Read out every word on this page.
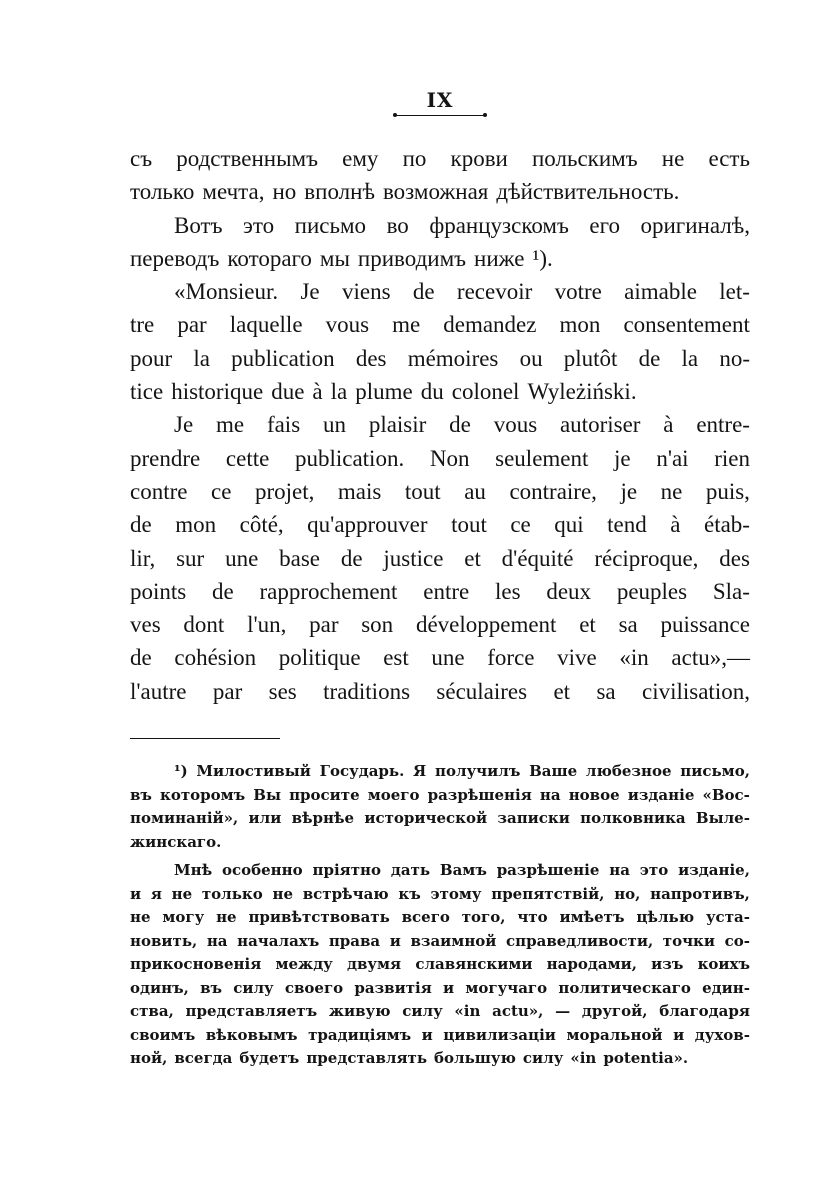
IX
съ родственнымъ ему по крови польскимъ не есть
только мечта, но вполнѣ возможная дѣйствительность.
Вотъ это письмо во французскомъ его оригиналѣ,
переводъ котораго мы приводимъ ниже ¹).
«Monsieur. Je viens de recevoir votre aimable let-
tre par laquelle vous me demandez mon consentement
pour la publication des mémoires ou plutôt de la no-
tice historique due à la plume du colonel Wyleżiński.
Je me fais un plaisir de vous autoriser à entre-
prendre cette publication. Non seulement je n'ai rien
contre ce projet, mais tout au contraire, je ne puis,
de mon côté, qu'approuver tout ce qui tend à étab-
lir, sur une base de justice et d'équité réciproque, des
points de rapprochement entre les deux peuples Sla-
ves dont l'un, par son développement et sa puissance
de cohésion politique est une force vive «in actu»,—
l'autre par ses traditions séculaires et sa civilisation,
¹) Милостивый Государь. Я получилъ Ваше любезное письмо,
въ которомъ Вы просите моего разрѣшенія на новое изданіе «Вос-
поминаній», или вѣрнѣе исторической записки полковника Выле-
жинскаго.
Мнѣ особенно пріятно дать Вамъ разрѣшеніе на это изданіе,
и я не только не встрѣчаю къ этому препятствій, но, напротивъ,
не могу не привѣтствовать всего того, что имѣетъ цѣлью уста-
новить, на началахъ права и взаимной справедливости, точки со-
прикосновенія между двумя славянскими народами, изъ коихъ
одинъ, въ силу своего развитія и могучаго политическаго един-
ства, представляетъ живую силу «in actu», — другой, благодаря
своимъ вѣковымъ традиціямъ и цивилизаціи моральной и духов-
ной, всегда будетъ представлять большую силу «in potentia».
